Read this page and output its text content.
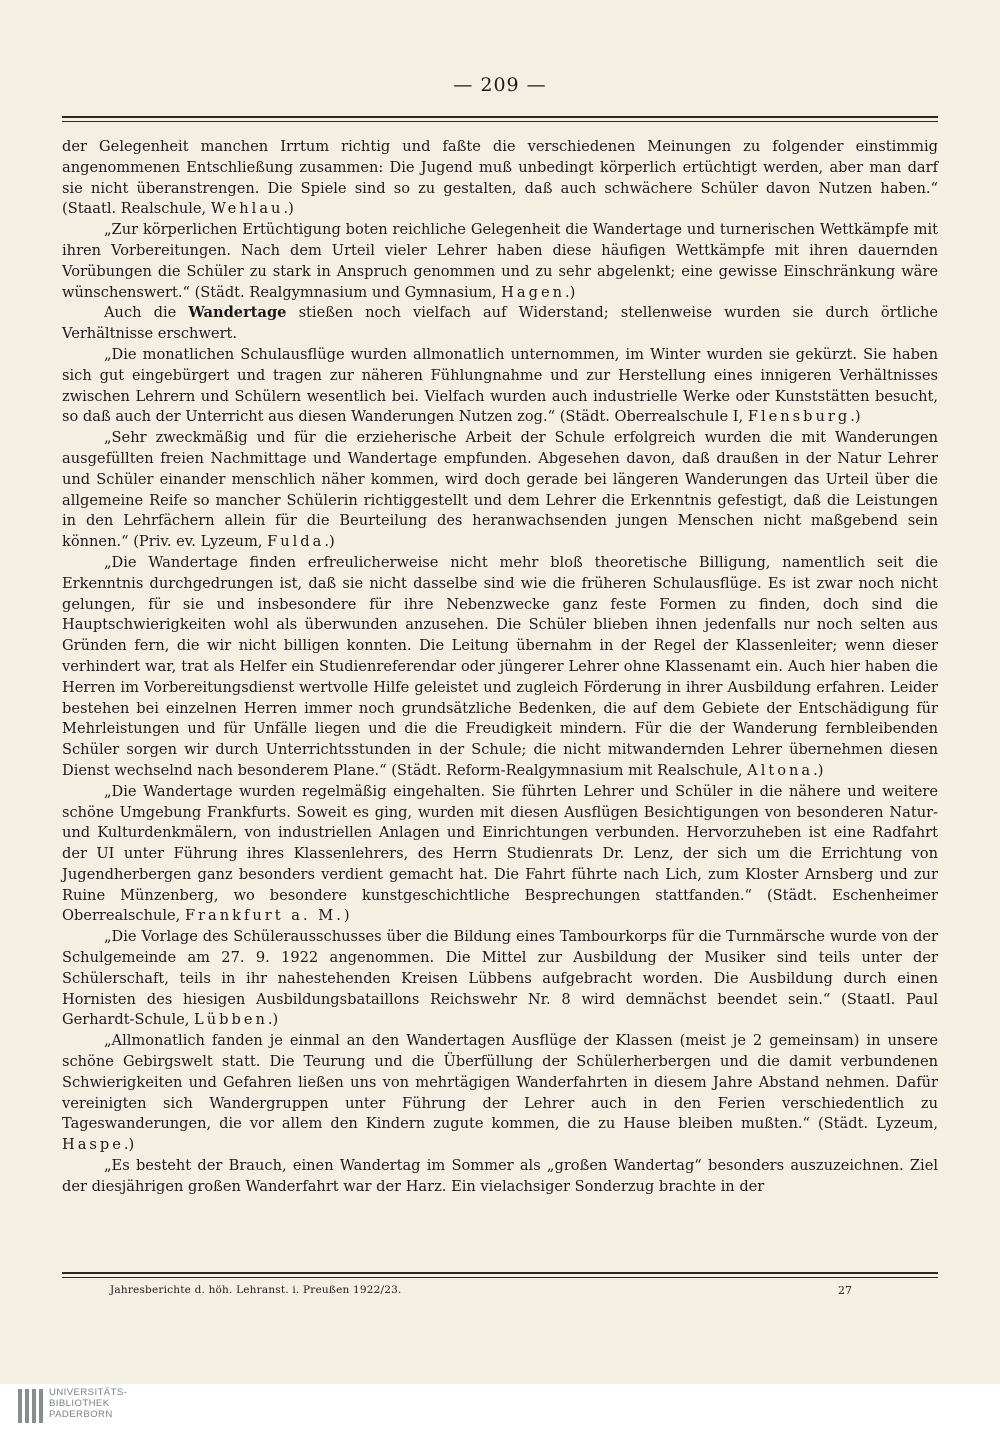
— 209 —

der Gelegenheit manchen Irrtum richtig und faßte die verschiedenen Meinungen zu folgender einstimmig angenommenen Entschließung zusammen: Die Jugend muß unbedingt körperlich ertüchtigt werden, aber man darf sie nicht überanstrengen. Die Spiele sind so zu gestalten, daß auch schwächere Schüler davon Nutzen haben.“ (Staatl. Realschule, Wehlau.)

„Zur körperlichen Ertüchtigung boten reichliche Gelegenheit die Wandertage und turnerischen Wettkämpfe mit ihren Vorbereitungen. Nach dem Urteil vieler Lehrer haben diese häufigen Wettkämpfe mit ihren dauernden Vorübungen die Schüler zu stark in Anspruch genommen und zu sehr abgelenkt; eine gewisse Einschränkung wäre wünschenswert.“ (Städt. Realgymnasium und Gymnasium, Hagen.)

Auch die Wandertage stießen noch vielfach auf Widerstand; stellenweise wurden sie durch örtliche Verhältnisse erschwert.

„Die monatlichen Schulausflüge wurden allmonatlich unternommen, im Winter wurden sie gekürzt. Sie haben sich gut eingebürgert und tragen zur näheren Fühlungnahme und zur Herstellung eines innigeren Verhältnisses zwischen Lehrern und Schülern wesentlich bei. Vielfach wurden auch industrielle Werke oder Kunststätten besucht, so daß auch der Unterricht aus diesen Wanderungen Nutzen zog.“ (Städt. Oberrealschule I, Flensburg.)

„Sehr zweckmäßig und für die erzieherische Arbeit der Schule erfolgreich wurden die mit Wanderungen ausgefüllten freien Nachmittage und Wandertage empfunden. Abgesehen davon, daß draußen in der Natur Lehrer und Schüler einander menschlich näher kommen, wird doch gerade bei längeren Wanderungen das Urteil über die allgemeine Reife so mancher Schülerin richtiggestellt und dem Lehrer die Erkenntnis gefestigt, daß die Leistungen in den Lehrfächern allein für die Beurteilung des heranwachsenden jungen Menschen nicht maßgebend sein können.“ (Priv. ev. Lyzeum, Fulda.)

„Die Wandertage finden erfreulicherweise nicht mehr bloß theoretische Billigung, namentlich seit die Erkenntnis durchgedrungen ist, daß sie nicht dasselbe sind wie die früheren Schulausflüge. Es ist zwar noch nicht gelungen, für sie und insbesondere für ihre Nebenzwecke ganz feste Formen zu finden, doch sind die Hauptschwierigkeiten wohl als überwunden anzusehen. Die Schüler blieben ihnen jedenfalls nur noch selten aus Gründen fern, die wir nicht billigen konnten. Die Leitung übernahm in der Regel der Klassenleiter; wenn dieser verhindert war, trat als Helfer ein Studienreferendar oder jüngerer Lehrer ohne Klassenamt ein. Auch hier haben die Herren im Vorbereitungsdienst wertvolle Hilfe geleistet und zugleich Förderung in ihrer Ausbildung erfahren. Leider bestehen bei einzelnen Herren immer noch grundsätzliche Bedenken, die auf dem Gebiete der Entschädigung für Mehrleistungen und für Unfälle liegen und die die Freudigkeit mindern. Für die der Wanderung fernbleibenden Schüler sorgen wir durch Unterrichtsstunden in der Schule; die nicht mitwandernden Lehrer übernehmen diesen Dienst wechselnd nach besonderem Plane.“ (Städt. Reform-Realgymnasium mit Realschule, Altona.)

„Die Wandertage wurden regelmäßig eingehalten. Sie führten Lehrer und Schüler in die nähere und weitere schöne Umgebung Frankfurts. Soweit es ging, wurden mit diesen Ausflügen Besichtigungen von besonderen Natur- und Kulturdenkmälern, von industriellen Anlagen und Einrichtungen verbunden. Hervorzuheben ist eine Radfahrt der UI unter Führung ihres Klassenlehrers, des Herrn Studienrats Dr. Lenz, der sich um die Errichtung von Jugendherbergen ganz besonders verdient gemacht hat. Die Fahrt führte nach Lich, zum Kloster Arnsberg und zur Ruine Münzenberg, wo besondere kunstgeschichtliche Besprechungen stattfanden.“ (Städt. Eschenheimer Oberrealschule, Frankfurt a. M.)

„Die Vorlage des Schülerausschusses über die Bildung eines Tambourkorps für die Turnmärsche wurde von der Schulgemeinde am 27. 9. 1922 angenommen. Die Mittel zur Ausbildung der Musiker sind teils unter der Schülerschaft, teils in ihr nahestehenden Kreisen Lübbens aufgebracht worden. Die Ausbildung durch einen Hornisten des hiesigen Ausbildungsbataillons Reichswehr Nr. 8 wird demnächst beendet sein.“ (Staatl. Paul Gerhardt-Schule, Lübben.)

„Allmonatlich fanden je einmal an den Wandertagen Ausflüge der Klassen (meist je 2 gemeinsam) in unsere schöne Gebirgswelt statt. Die Teurung und die Überfüllung der Schülerherbergen und die damit verbundenen Schwierigkeiten und Gefahren ließen uns von mehrtägigen Wanderfahrten in diesem Jahre Abstand nehmen. Dafür vereinigten sich Wandergruppen unter Führung der Lehrer auch in den Ferien verschiedentlich zu Tageswanderungen, die vor allem den Kindern zugute kommen, die zu Hause bleiben mußten.“ (Städt. Lyzeum, Haspe.)

„Es besteht der Brauch, einen Wandertag im Sommer als „großen Wandertag“ besonders auszuzeichnen. Ziel der diesjährigen großen Wanderfahrt war der Harz. Ein vielachsiger Sonderzug brachte in der

Jahresberichte d. höh. Lehranst. i. Preußen 1922/23.	27
UNIVERSITÄTS-
BIBLIOTHEK
PADERBORN
